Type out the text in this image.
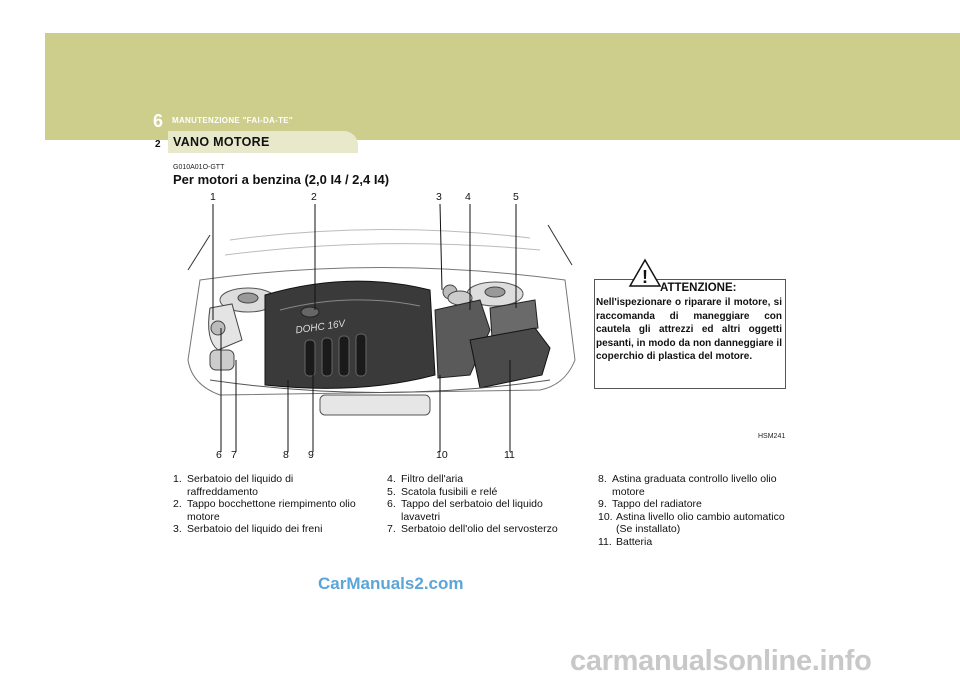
6 MANUTENZIONE "FAI-DA-TE"
2 VANO MOTORE
G010A01O-GTT
Per motori a benzina (2,0 I4 / 2,4 I4)
1	2	3 4	5
DOHC 16V
6 7	8 9	10	11
!
ATTENZIONE:
Nell'ispezionare o riparare il motore, si raccomanda di maneggiare con cautela gli attrezzi ed altri oggetti pesanti, in modo da non danneggiare il coperchio di plastica del motore.
HSM241
1. Serbatoio del liquido di raffreddamento
2. Tappo bocchettone riempimento olio motore
3. Serbatoio del liquido dei freni
4. Filtro dell'aria
5. Scatola fusibili e relé
6. Tappo del serbatoio del liquido lavavetri
7. Serbatoio dell'olio del servosterzo
8. Astina graduata controllo livello olio motore
9. Tappo del radiatore
10. Astina livello olio cambio automatico (Se installato)
11. Batteria
CarManuals2.com
carmanualsonline.info
